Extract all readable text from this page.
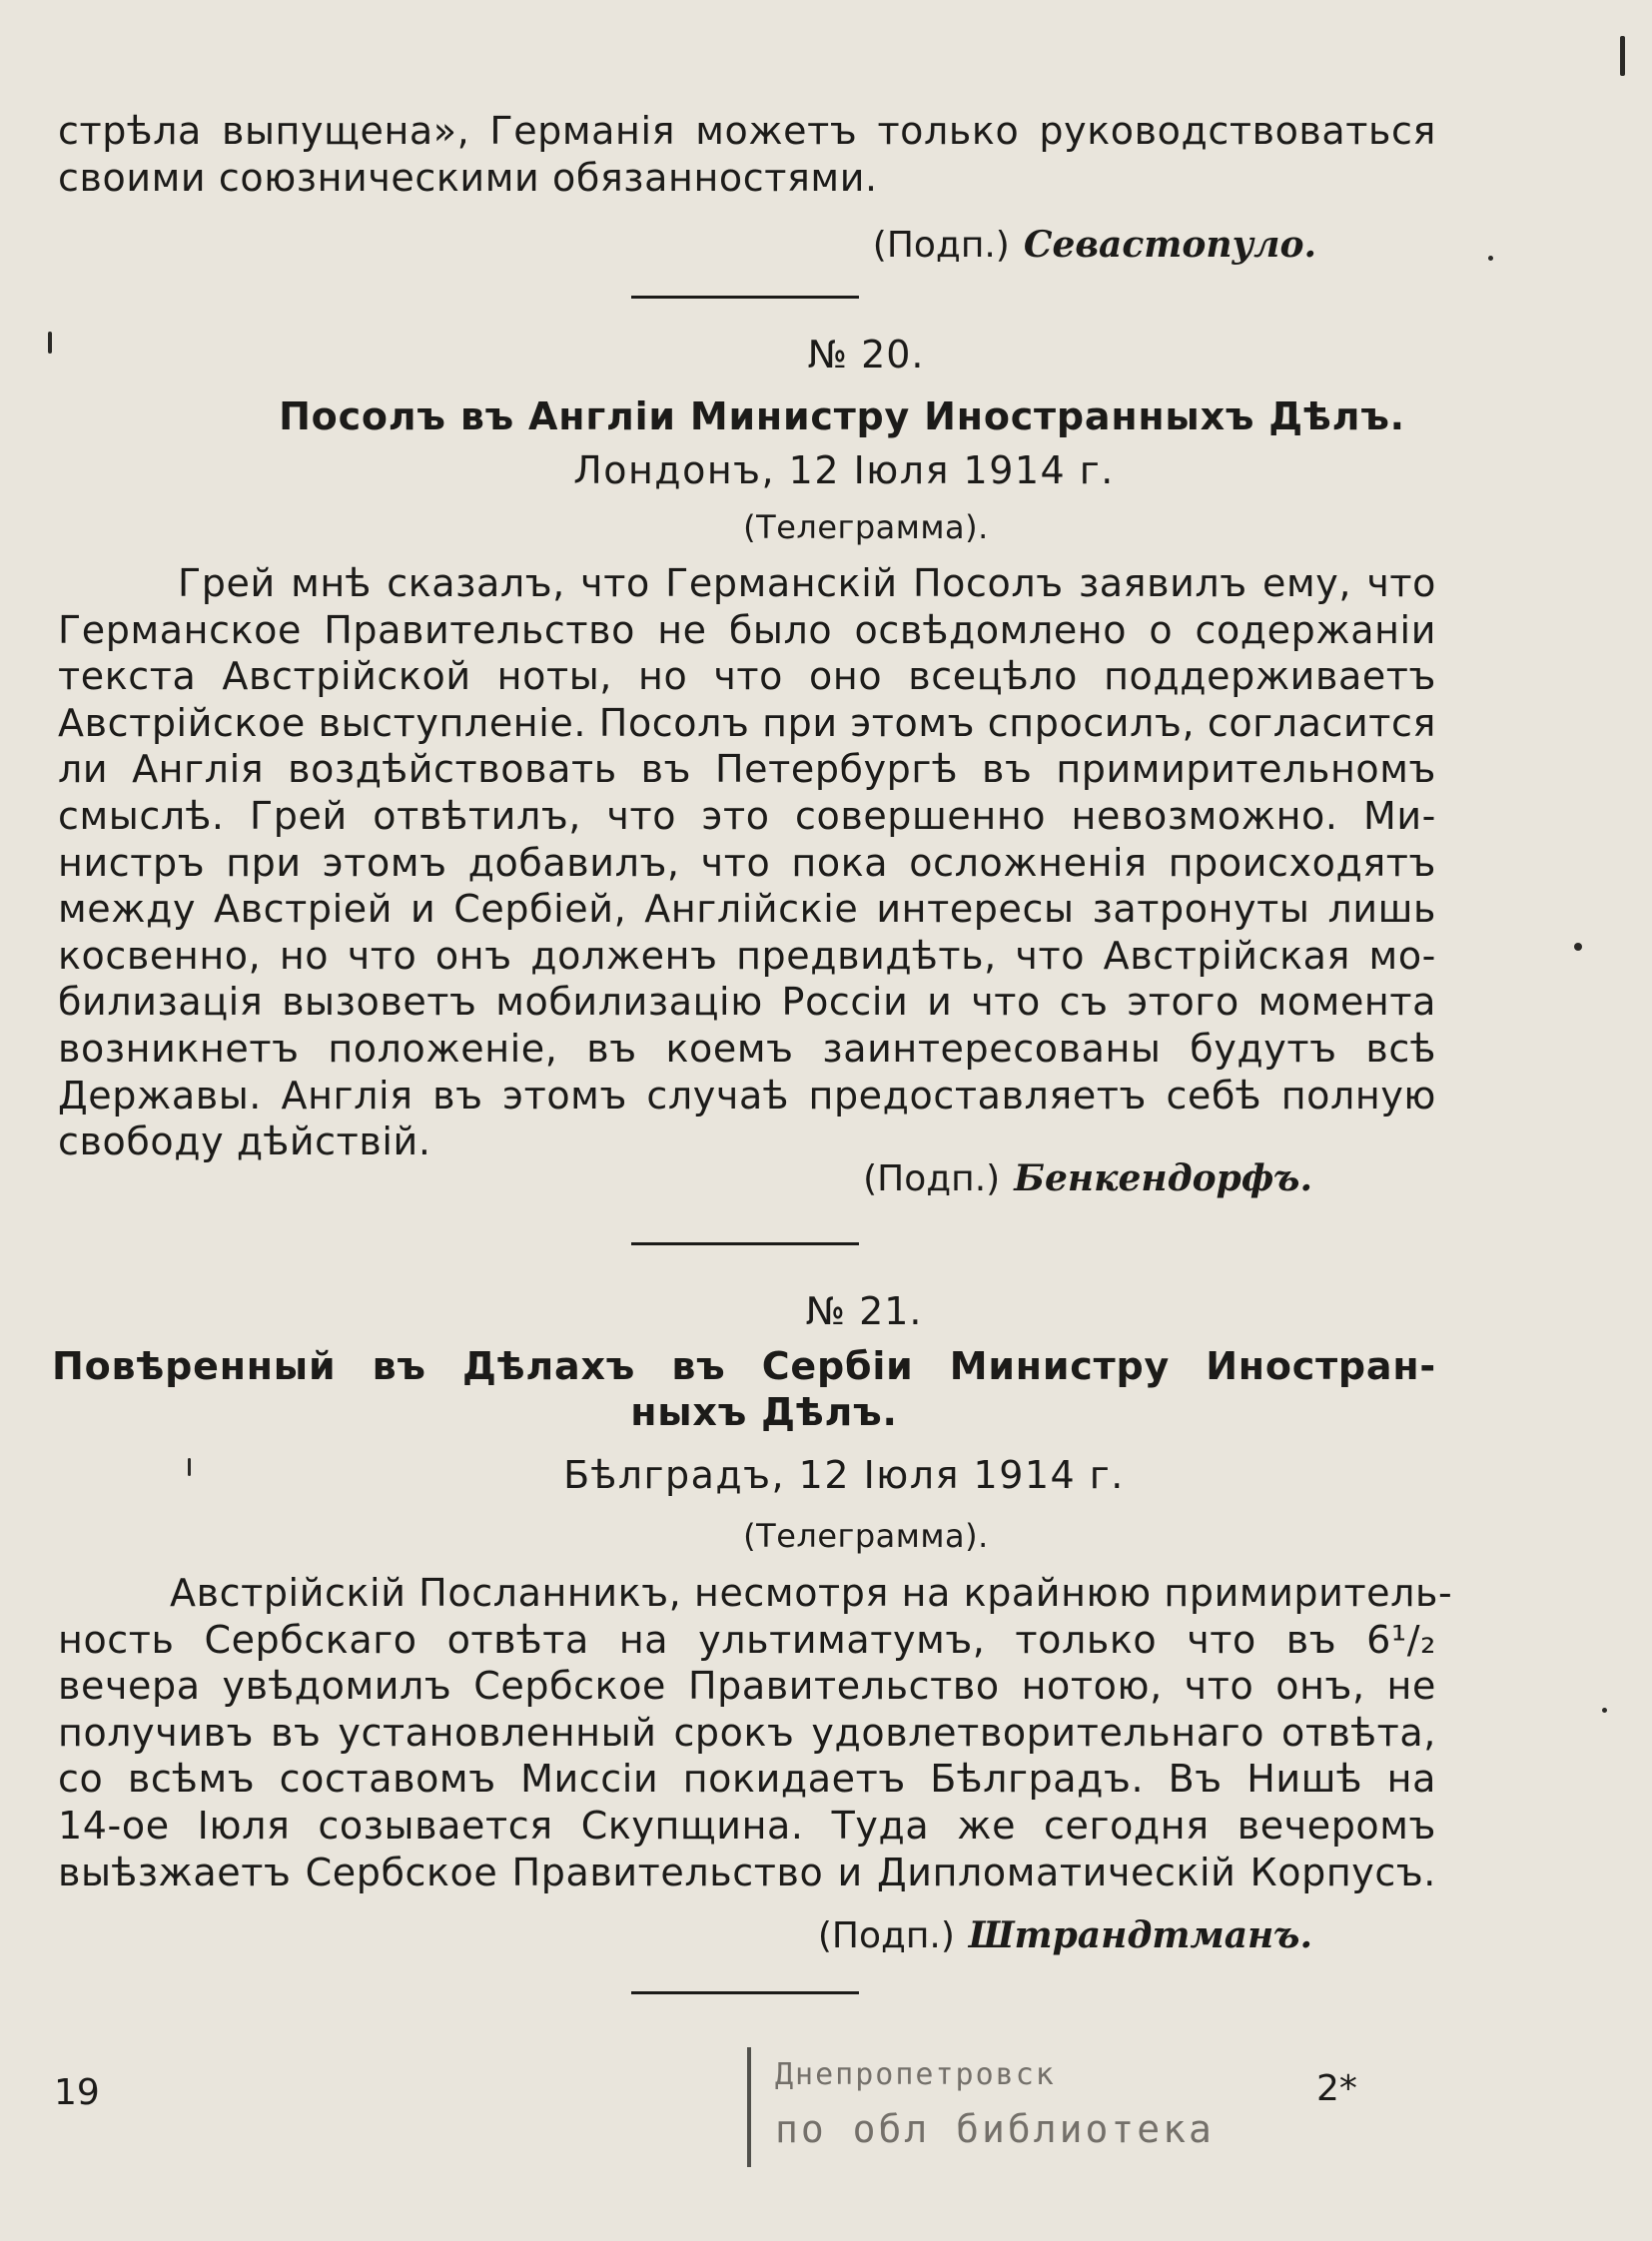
стрѣла выпущена», Германія можетъ только руководствоваться
своими союзническими обязанностями.
(Подп.) Севастопуло.
№ 20.
Посолъ въ Англіи Министру Иностранныхъ Дѣлъ.
Лондонъ, 12 Іюля 1914 г.
(Телеграмма).
Грей мнѣ сказалъ, что Германскій Посолъ заявилъ ему, что
Германское Правительство не было освѣдомлено о содержаніи
текста Австрійской ноты, но что оно всецѣло поддерживаетъ
Австрійское выступленіе. Посолъ при этомъ спросилъ, согласится
ли Англія воздѣйствовать въ Петербургѣ въ примирительномъ
смыслѣ. Грей отвѣтилъ, что это совершенно невозможно. Ми-
нистръ при этомъ добавилъ, что пока осложненія происходятъ
между Австріей и Сербіей, Англійскіе интересы затронуты лишь
косвенно, но что онъ долженъ предвидѣть, что Австрійская мо-
билизація вызоветъ мобилизацію Россіи и что съ этого момента
возникнетъ положеніе, въ коемъ заинтересованы будутъ всѣ
Державы. Англія въ этомъ случаѣ предоставляетъ себѣ полную
свободу дѣйствій.
(Подп.) Бенкендорфъ.
№ 21.
Повѣренный въ Дѣлахъ въ Сербіи Министру Иностран-
ныхъ Дѣлъ.
Бѣлградъ, 12 Іюля 1914 г.
(Телеграмма).
Австрійскій Посланникъ, несмотря на крайнюю примиритель-
ность Сербскаго отвѣта на ультиматумъ, только что въ 6¹/₂
вечера увѣдомилъ Сербское Правительство нотою, что онъ, не
получивъ въ установленный срокъ удовлетворительнаго отвѣта,
со всѣмъ составомъ Миссіи покидаетъ Бѣлградъ. Въ Нишѣ на
14-ое Іюля созывается Скупщина. Туда же сегодня вечеромъ
выѣзжаетъ Сербское Правительство и Дипломатическій Корпусъ.
(Подп.) Штрандтманъ.
19	2*
Днепропетровск
по обл библиотека
